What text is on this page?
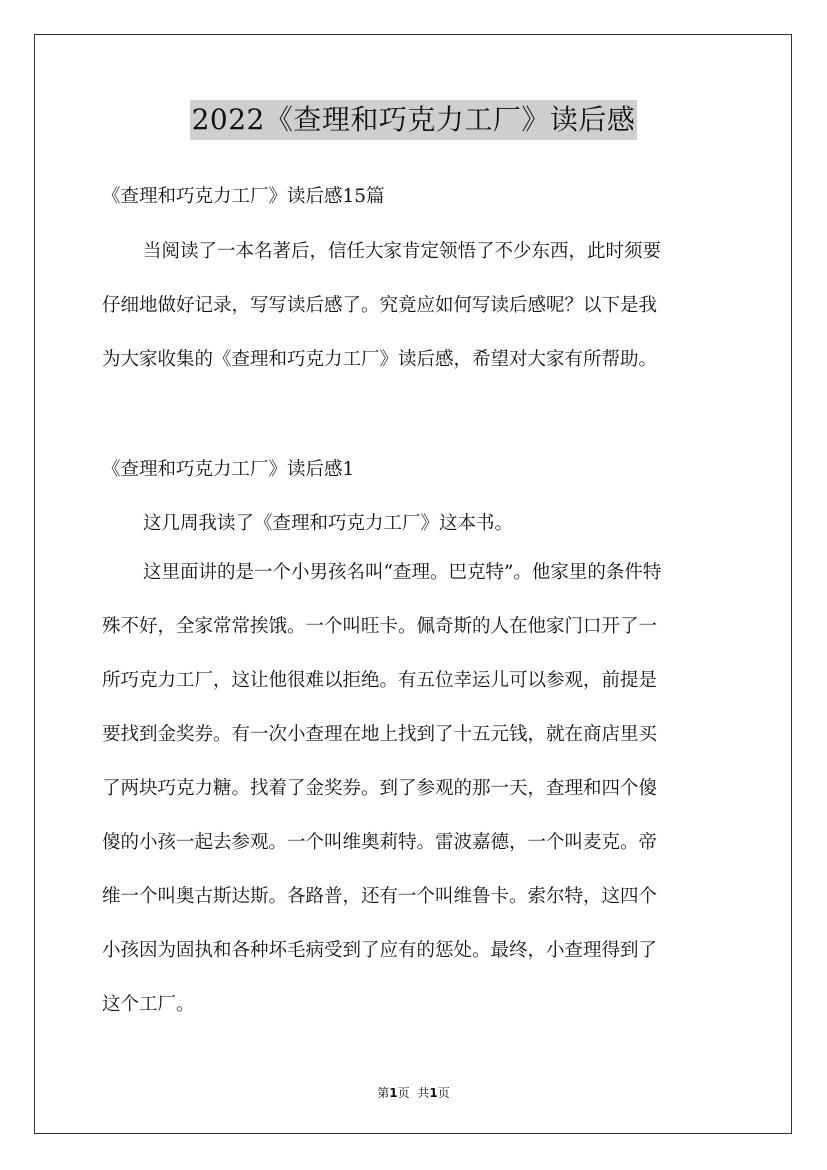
2022《查理和巧克力工厂》读后感
《查理和巧克力工厂》读后感15篇
当阅读了一本名著后，信任大家肯定领悟了不少东西，此时须要
仔细地做好记录，写写读后感了。究竟应如何写读后感呢？以下是我
为大家收集的《查理和巧克力工厂》读后感，希望对大家有所帮助。
《查理和巧克力工厂》读后感1
这几周我读了《查理和巧克力工厂》这本书。
这里面讲的是一个小男孩名叫“查理。巴克特”。他家里的条件特
殊不好，全家常常挨饿。一个叫旺卡。佩奇斯的人在他家门口开了一
所巧克力工厂，这让他很难以拒绝。有五位幸运儿可以参观，前提是
要找到金奖券。有一次小查理在地上找到了十五元钱，就在商店里买
了两块巧克力糖。找着了金奖券。到了参观的那一天，查理和四个傻
傻的小孩一起去参观。一个叫维奥莉特。雷波嘉德，一个叫麦克。帝
维一个叫奥古斯达斯。各路普，还有一个叫维鲁卡。索尔特，这四个
小孩因为固执和各种坏毛病受到了应有的惩处。最终，小查理得到了
这个工厂。
第1页 共1页
